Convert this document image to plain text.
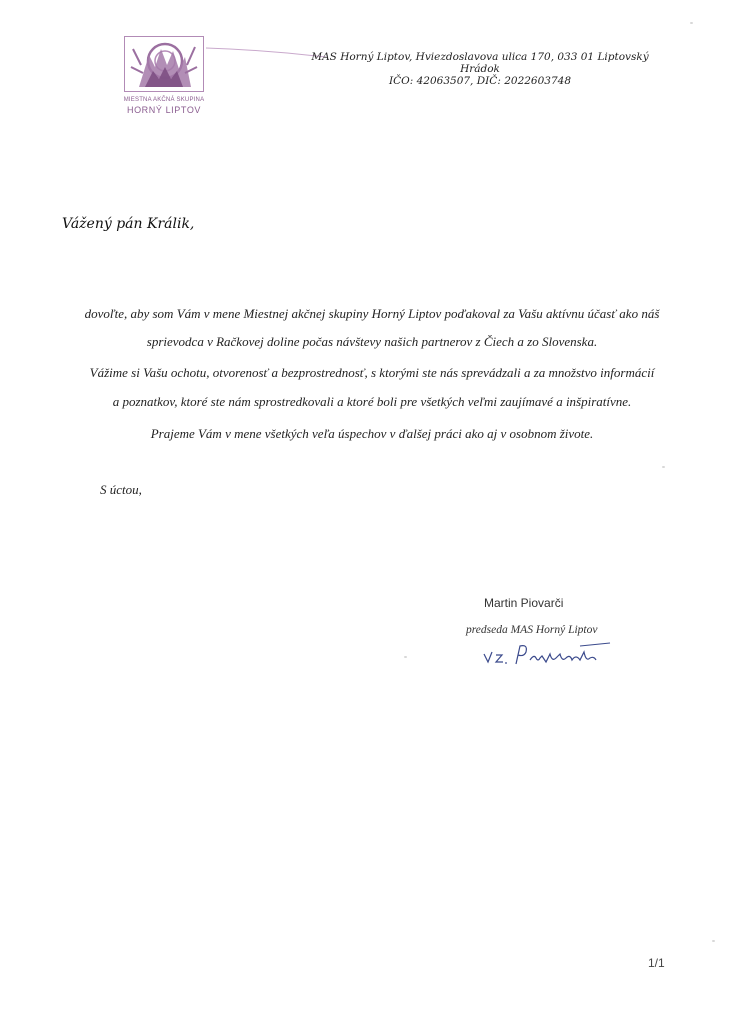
MIESTNA AKČNÁ SKUPINA
HORNÝ LIPTOV
MAS Horný Liptov, Hviezdoslavova ulica 170, 033 01 Liptovský Hrádok
IČO: 42063507, DIČ: 2022603748
Vážený pán Králik,
dovoľte, aby som Vám v mene Miestnej akčnej skupiny Horný Liptov poďakoval za Vašu aktívnu účasť ako náš
sprievodca v Račkovej doline počas návštevy našich partnerov z Čiech a zo Slovenska.
Vážime si Vašu ochotu, otvorenosť a bezprostrednosť, s ktorými ste nás sprevádzali a za množstvo informácií
a poznatkov, ktoré ste nám sprostredkovali a ktoré boli pre všetkých veľmi zaujímavé a inšpiratívne.
Prajeme Vám v mene všetkých veľa úspechov v ďalšej práci ako aj v osobnom živote.
S úctou,
Martin Piovarči
predseda MAS Horný Liptov
1/1
